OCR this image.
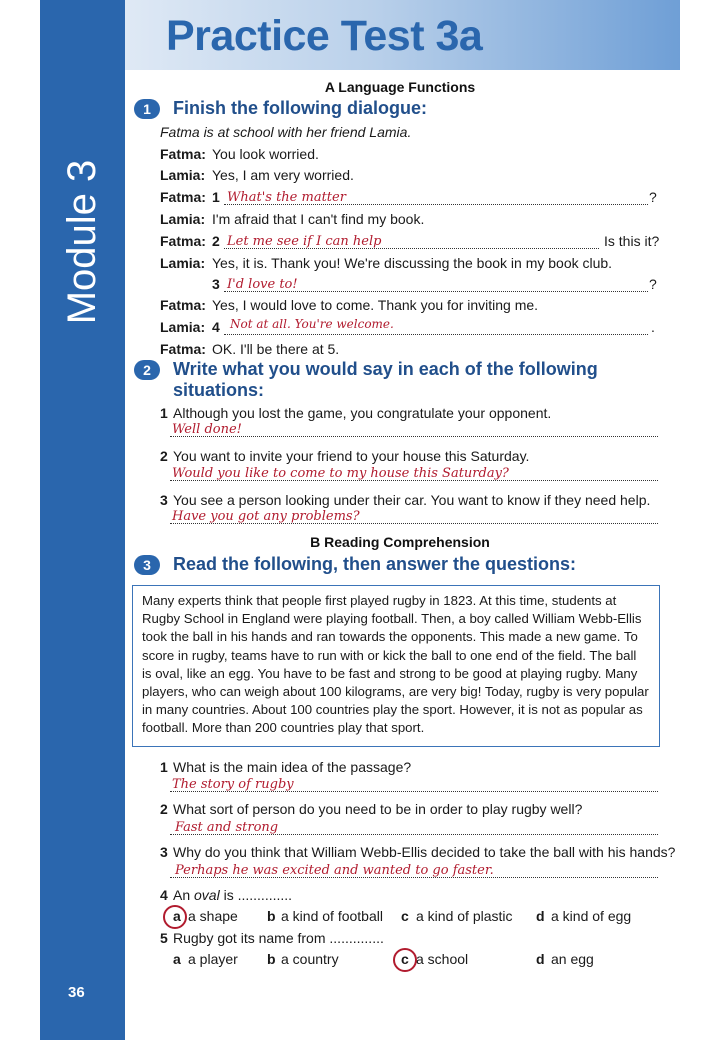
Module 3
36
Practice Test 3a
A Language Functions
1	Finish the following dialogue:
Fatma is at school with her friend Lamia.
Fatma: You look worried.
Lamia: Yes, I am very worried.
Fatma: 1 What's the matter	?
Lamia: I'm afraid that I can't find my book.
Fatma: 2 Let me see if I can help	Is this it?
Lamia: Yes, it is. Thank you! We're discussing the book in my book club.
3 I'd love to!	?
Fatma: Yes, I would love to come. Thank you for inviting me.
Lamia: 4 Not at all. You're welcome.	.
Fatma: OK. I'll be there at 5.
2	Write what you would say in each of the following
situations:
1 Although you lost the game, you congratulate your opponent.
Well done!
2 You want to invite your friend to your house this Saturday.
Would you like to come to my house this Saturday?
3 You see a person looking under their car. You want to know if they need help.
Have you got any problems?
B Reading Comprehension
3	Read the following, then answer the questions:
Many experts think that people first played rugby in 1823. At this time, students at
Rugby School in England were playing football. Then, a boy called William Webb-Ellis
took the ball in his hands and ran towards the opponents. This made a new game. To
score in rugby, teams have to run with or kick the ball to one end of the field. The ball
is oval, like an egg. You have to be fast and strong to be good at playing rugby. Many
players, who can weigh about 100 kilograms, are very big! Today, rugby is very popular
in many countries. About 100 countries play the sport. However, it is not as popular as
football. More than 200 countries play that sport.
1 What is the main idea of the passage?
The story of rugby
2 What sort of person do you need to be in order to play rugby well?
Fast and strong
3 Why do you think that William Webb-Ellis decided to take the ball with his hands?
Perhaps he was excited and wanted to go faster.
4 An oval is ..............
a a shape b a kind of football c a kind of plastic d a kind of egg
5 Rugby got its name from ..............
a a player b a country	c a school	d an egg
